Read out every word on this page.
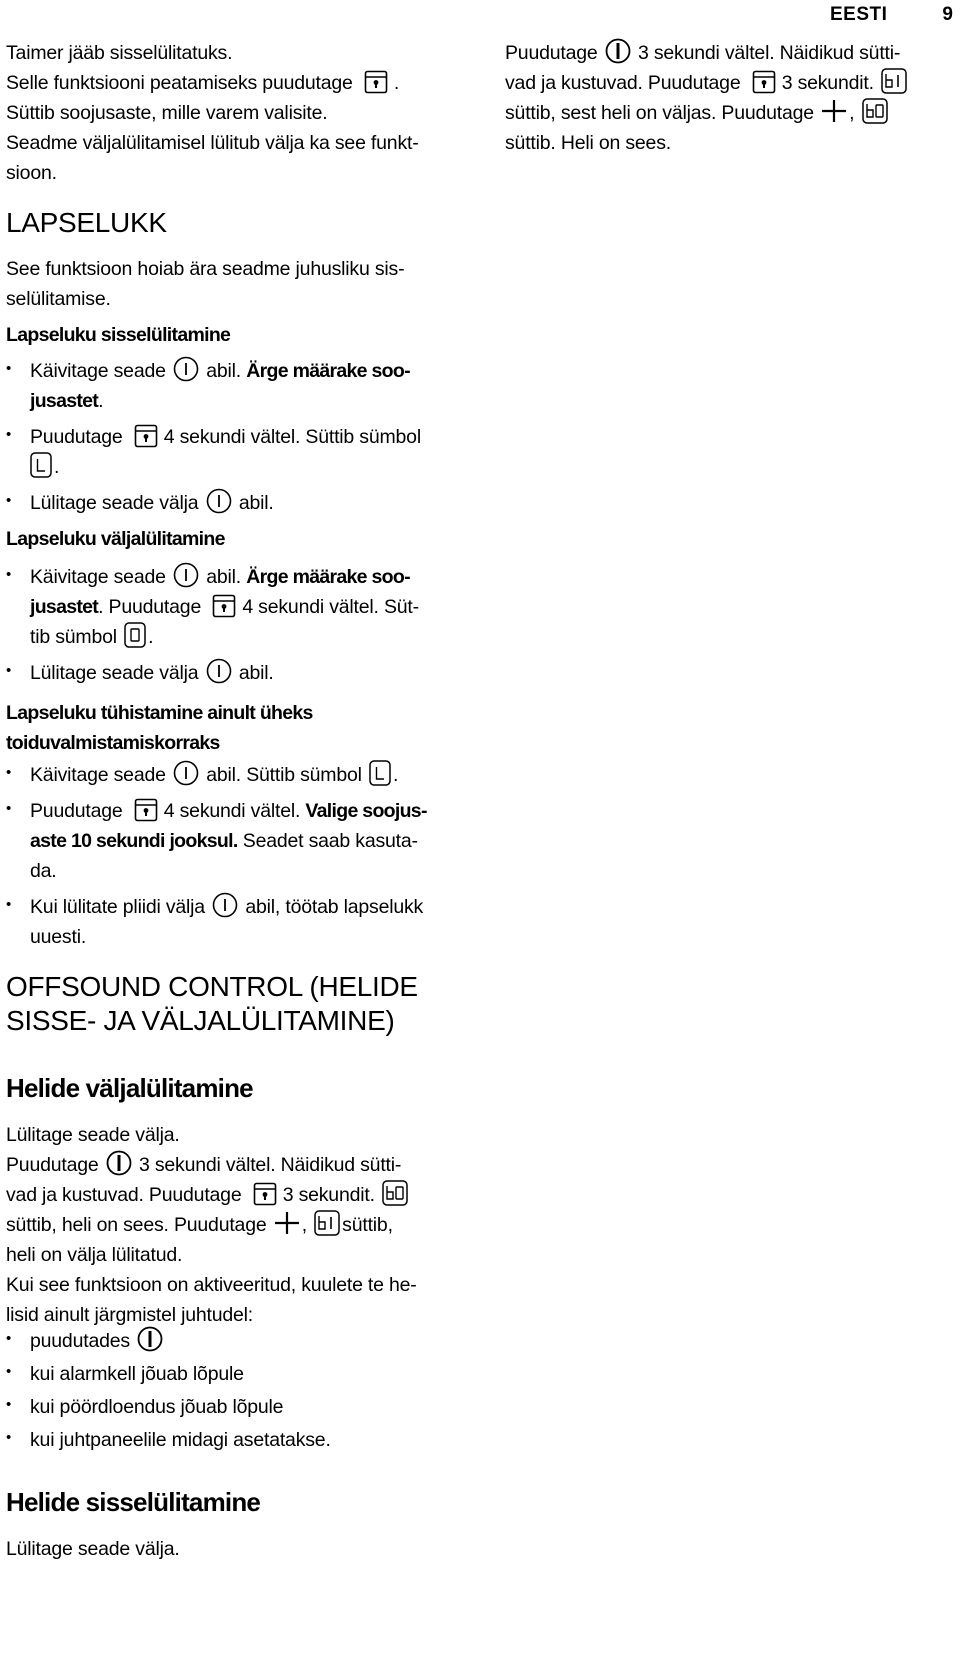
EESTI	9
Taimer jääb sisselülitatuks.
Selle funktsiooni peatamiseks puudutage .
Süttib soojusaste, mille varem valisite.
Seadme väljalülitamisel lülitub välja ka see funkt-
sioon.
LAPSELUKK
See funktsioon hoiab ära seadme juhusliku sis-
selülitamise.
Lapseluku sisselülitamine
• Käivitage seade abil. Ärge määrake soo-
jusastet.
• Puudutage 4 sekundi vältel. Süttib sümbol
.
• Lülitage seade välja abil.
Lapseluku väljalülitamine
• Käivitage seade abil. Ärge määrake soo-
jusastet. Puudutage 4 sekundi vältel. Süt-
tib sümbol .
• Lülitage seade välja abil.
Lapseluku tühistamine ainult üheks
toiduvalmistamiskorraks
• Käivitage seade abil. Süttib sümbol .
• Puudutage 4 sekundi vältel. Valige soojus-
aste 10 sekundi jooksul. Seadet saab kasuta-
da.
• Kui lülitate pliidi välja abil, töötab lapselukk
uuesti.
OFFSOUND CONTROL (HELIDE
SISSE- JA VÄLJALÜLITAMINE)
Helide väljalülitamine
Lülitage seade välja.
Puudutage 3 sekundi vältel. Näidikud sütti-
vad ja kustuvad. Puudutage 3 sekundit.
süttib, heli on sees. Puudutage , süttib,
heli on välja lülitatud.
Kui see funktsioon on aktiveeritud, kuulete te he-
lisid ainult järgmistel juhtudel:
• puudutades
• kui alarmkell jõuab lõpule
• kui pöördloendus jõuab lõpule
• kui juhtpaneelile midagi asetatakse.
Helide sisselülitamine
Lülitage seade välja.
Puudutage 3 sekundi vältel. Näidikud sütti-
vad ja kustuvad. Puudutage 3 sekundit.
süttib, sest heli on väljas. Puudutage ,
süttib. Heli on sees.
